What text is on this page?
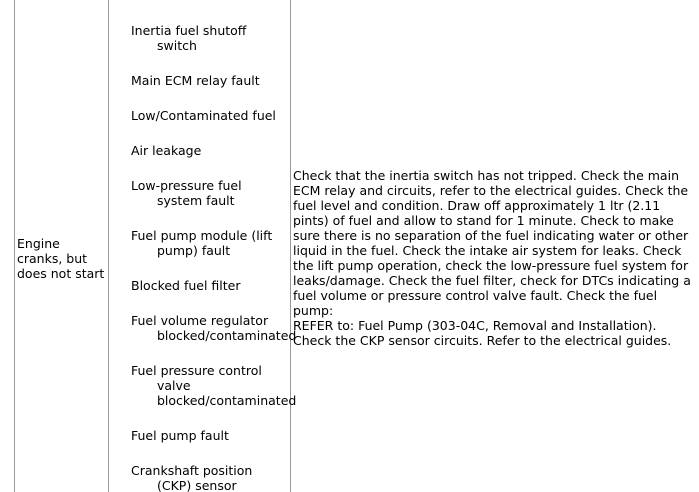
Engine cranks, but does not start

Inertia fuel shutoff switch
Main ECM relay fault
Low/Contaminated fuel
Air leakage
Low-pressure fuel system fault
Fuel pump module (lift pump) fault
Blocked fuel filter
Fuel volume regulator blocked/contaminated
Fuel pressure control valve blocked/contaminated
Fuel pump fault
Crankshaft position (CKP) sensor

Check that the inertia switch has not tripped. Check the main ECM relay and circuits, refer to the electrical guides. Check the fuel level and condition. Draw off approximately 1 ltr (2.11 pints) of fuel and allow to stand for 1 minute. Check to make sure there is no separation of the fuel indicating water or other liquid in the fuel. Check the intake air system for leaks. Check the lift pump operation, check the low-pressure fuel system for leaks/damage. Check the fuel filter, check for DTCs indicating a fuel volume or pressure control valve fault. Check the fuel pump:
REFER to: Fuel Pump (303-04C, Removal and Installation).
Check the CKP sensor circuits. Refer to the electrical guides.
